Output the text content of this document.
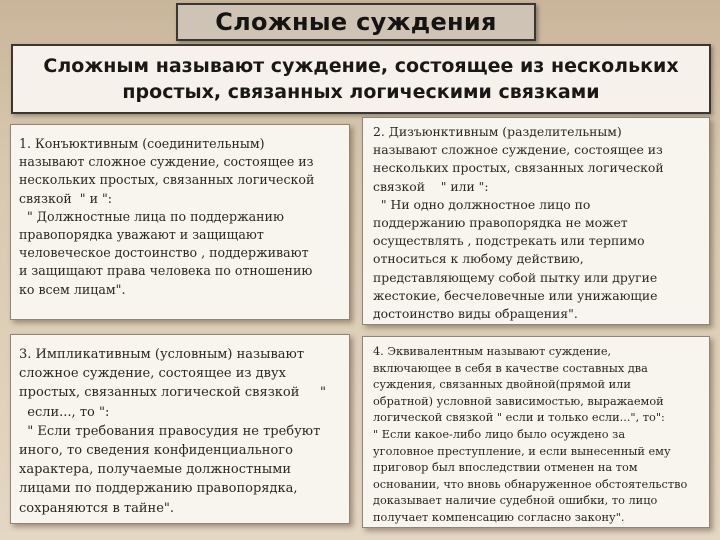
Сложные суждения
Сложным называют суждение, состоящее из нескольких простых, связанных логическими связками
1. Конъюктивным (соединительным)
называют сложное суждение, состоящее из
нескольких простых, связанных логической
связкой  " и ":
" Должностные лица по поддержанию
правопорядка уважают и защищают
человеческое достоинство , поддерживают
и защищают права человека по отношению
ко всем лицам".
2. Дизъюнктивным (разделительным)
называют сложное суждение, состоящее из
нескольких простых, связанных логической
связкой    " или ":
" Ни одно должностное лицо по
поддержанию правопорядка не может
осуществлять , подстрекать или терпимо
относиться к любому действию,
представляющему собой пытку или другие
жестокие, бесчеловечные или унижающие
достоинство виды обращения".
3. Импликативным (условным) называют
сложное суждение, состоящее из двух
простых, связанных логической связкой     "
если..., то ":
" Если требования правосудия не требуют
иного, то сведения конфиденциального
характера, получаемые должностными
лицами по поддержанию правопорядка,
сохраняются в тайне".
4. Эквивалентным называют суждение,
включающее в себя в качестве составных два
суждения, связанных двойной(прямой или
обратной) условной зависимостью, выражаемой
логической связкой " если и только если...", то":
" Если какое-либо лицо было осуждено за
уголовное преступление, и если вынесенный ему
приговор был впоследствии отменен на том
основании, что вновь обнаруженное обстоятельство
доказывает наличие судебной ошибки, то лицо
получает компенсацию согласно закону".
